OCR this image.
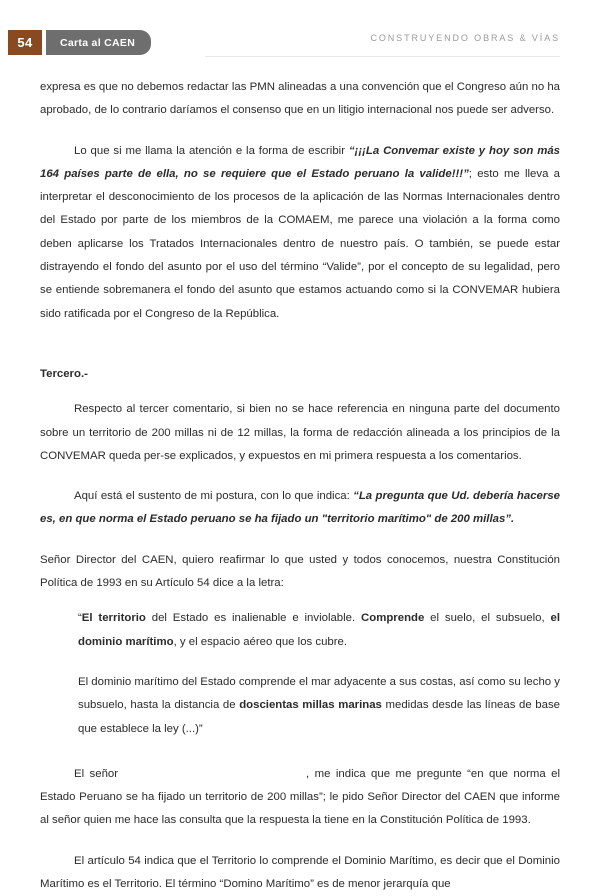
54	Carta al CAEN	CONSTRUYENDO OBRAS & VÍAS

expresa es que no debemos redactar las PMN alineadas a una convención que el Congreso aún no ha aprobado, de lo contrario daríamos el consenso que en un litigio internacional nos puede ser adverso.

Lo que si me llama la atención e la forma de escribir “¡¡¡La Convemar existe y hoy son más 164 países parte de ella, no se requiere que el Estado peruano la valide!!!”; esto me lleva a interpretar el desconocimiento de los procesos de la aplicación de las Normas Internacionales dentro del Estado por parte de los miembros de la COMAEM, me parece una violación a la forma como deben aplicarse los Tratados Internacionales dentro de nuestro país. O también, se puede estar distrayendo el fondo del asunto por el uso del término “Valide”, por el concepto de su legalidad, pero se entiende sobremanera el fondo del asunto que estamos actuando como si la CONVEMAR hubiera sido ratificada por el Congreso de la República.

Tercero.-

Respecto al tercer comentario, si bien no se hace referencia en ninguna parte del documento sobre un territorio de 200 millas ni de 12 millas, la forma de redacción alineada a los principios de la CONVEMAR queda per-se explicados, y expuestos en mi primera respuesta a los comentarios.

Aquí está el sustento de mi postura, con lo que indica: “La pregunta que Ud. debería hacerse es, en que norma el Estado peruano se ha fijado un "territorio marítimo" de 200 millas”.

Señor Director del CAEN, quiero reafirmar lo que usted y todos conocemos, nuestra Constitución Política de 1993 en su Artículo 54 dice a la letra:

“El territorio del Estado es inalienable e inviolable. Comprende el suelo, el subsuelo, el dominio marítimo, y el espacio aéreo que los cubre.

El dominio marítimo del Estado comprende el mar adyacente a sus costas, así como su lecho y subsuelo, hasta la distancia de doscientas millas marinas medidas desde las líneas de base que establece la ley (...)”

El señor	, me indica que me pregunte “en que norma el Estado Peruano se ha fijado un territorio de 200 millas”; le pido Señor Director del CAEN que informe al señor quien me hace las consulta que la respuesta la tiene en la Constitución Política de 1993.

El artículo 54 indica que el Territorio lo comprende el Dominio Marítimo, es decir que el Dominio Marítimo es el Territorio. El término “Domino Marítimo” es de menor jerarquía que
